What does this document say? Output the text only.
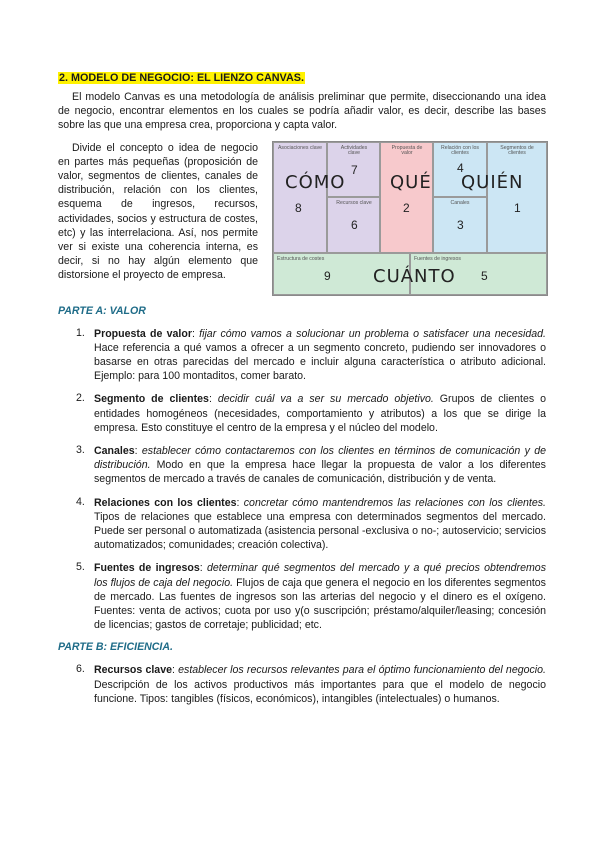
2. MODELO DE NEGOCIO: EL LIENZO CANVAS.

El modelo Canvas es una metodología de análisis preliminar que permite, diseccionando una idea de negocio, encontrar elementos en los cuales se podría añadir valor, es decir, describe las bases sobre las que una empresa crea, proporciona y capta valor.

Divide el concepto o idea de negocio en partes más pequeñas (proposición de valor, segmentos de clientes, canales de distribución, relación con los clientes, esquema de ingresos, recursos, actividades, socios y estructura de costes, etc) y las interrelaciona. Así, nos permite ver si existe una coherencia interna, es decir, si no hay algún elemento que distorsione el proyecto de empresa.

Asociaciones clave
8
Actividades clave
7
Recursos clave
6
Propuesta de valor
2
Relación con los clientes
4
Canales
3
Segmentos de clientes
1
Estructura de costes
9
Fuentes de ingresos
5
CÓMO QUÉ QUIÉN
CUÁNTO
PARTE A: VALOR
1. Propuesta de valor: fijar cómo vamos a solucionar un problema o satisfacer una necesidad. Hace referencia a qué vamos a ofrecer a un segmento concreto, pudiendo ser innovadores o basarse en otras parecidas del mercado e incluir alguna característica o atributo adicional. Ejemplo: para 100 montaditos, comer barato.

2. Segmento de clientes: decidir cuál va a ser su mercado objetivo. Grupos de clientes o entidades homogéneos (necesidades, comportamiento y atributos) a los que se dirige la empresa. Esto constituye el centro de la empresa y el núcleo del modelo.

3. Canales: establecer cómo contactaremos con los clientes en términos de comunicación y de distribución. Modo en que la empresa hace llegar la propuesta de valor a los diferentes segmentos de mercado a través de canales de comunicación, distribución y de venta.

4. Relaciones con los clientes: concretar cómo mantendremos las relaciones con los clientes. Tipos de relaciones que establece una empresa con determinados segmentos del mercado. Puede ser personal o automatizada (asistencia personal -exclusiva o no-; autoservicio; servicios automatizados; comunidades; creación colectiva).

5. Fuentes de ingresos: determinar qué segmentos del mercado y a qué precios obtendremos los flujos de caja del negocio. Flujos de caja que genera el negocio en los diferentes segmentos de mercado. Las fuentes de ingresos son las arterias del negocio y el dinero es el oxígeno. Fuentes: venta de activos; cuota por uso y(o suscripción; préstamo/alquiler/leasing; concesión de licencias; gastos de corretaje; publicidad; etc.

PARTE B: EFICIENCIA.
6. Recursos clave: establecer los recursos relevantes para el óptimo funcionamiento del negocio. Descripción de los activos productivos más importantes para que el modelo de negocio funcione. Tipos: tangibles (físicos, económicos), intangibles (intelectuales) o humanos.
